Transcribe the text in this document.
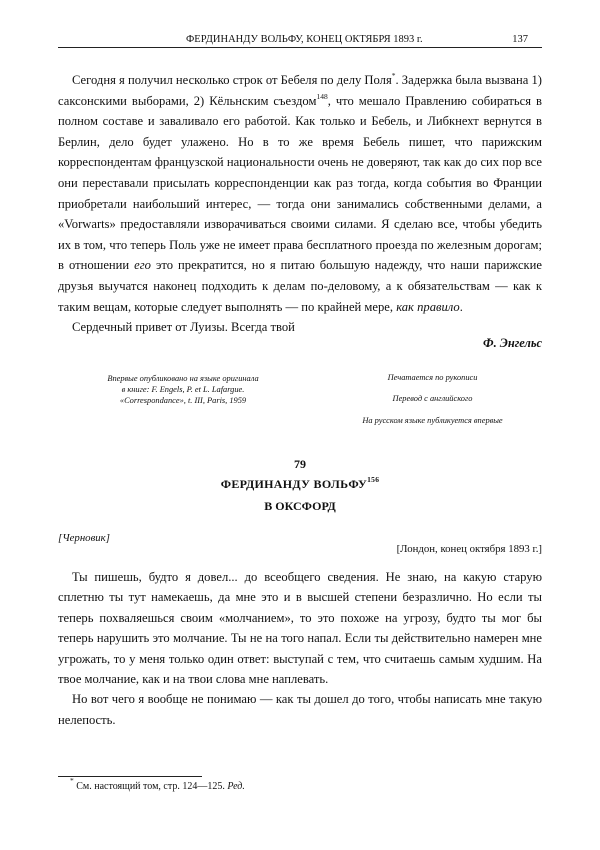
ФЕРДИНАНДУ ВОЛЬФУ, КОНЕЦ ОКТЯБРЯ 1893 г.	137

Сегодня я получил несколько строк от Бебеля по делу Поля*. Задержка была вызвана 1) саксонскими выборами, 2) Кёльнским съездом$^{148}$, что мешало Правлению собираться в полном составе и заваливало его работой. Как только и Бебель, и Либкнехт вернутся в Берлин, дело будет улажено. Но в то же время Бебель пишет, что парижским корреспондентам французской национальности очень не доверяют, так как до сих пор все они переставали присылать корреспонденции как раз тогда, когда события во Франции приобретали наибольший интерес, — тогда они занимались собственными делами, а «Vorwarts» предоставляли изворачиваться своими силами. Я сделаю все, чтобы убедить их в том, что теперь Поль уже не имеет права бесплатного проезда по железным дорогам; в отношении его это прекратится, но я питаю большую надежду, что наши парижские друзья выучатся наконец подходить к делам по-деловому, а к обязательствам — как к таким вещам, которые следует выполнять — по крайней мере, как правило.

Сердечный привет от Луизы. Всегда твой

Ф. Энгельс
Впервые опубликовано на языке оригинала
в книге: F. Engels, P. et L. Lafargue.
«Correspondance», t. III, Paris, 1959
Печатается по рукописи
Перевод с английского
На русском языке публикуется впервые
79
ФЕРДИНАНДУ ВОЛЬФУ$^{156}$
В ОКСФОРД
[Черновик]
[Лондон, конец октября 1893 г.]

Ты пишешь, будто я довел... до всеобщего сведения. Не знаю, на какую старую сплетню ты тут намекаешь, да мне это и в высшей степени безразлично. Но если ты теперь похваляешься своим «молчанием», то это похоже на угрозу, будто ты мог бы теперь нарушить это молчание. Ты не на того напал. Если ты действительно намерен мне угрожать, то у меня только один ответ: выступай с тем, что считаешь самым худшим. На твое молчание, как и на твои слова мне наплевать.

Но вот чего я вообще не понимаю — как ты дошел до того, чтобы написать мне такую нелепость.

* См. настоящий том, стр. 124—125. Ред.
